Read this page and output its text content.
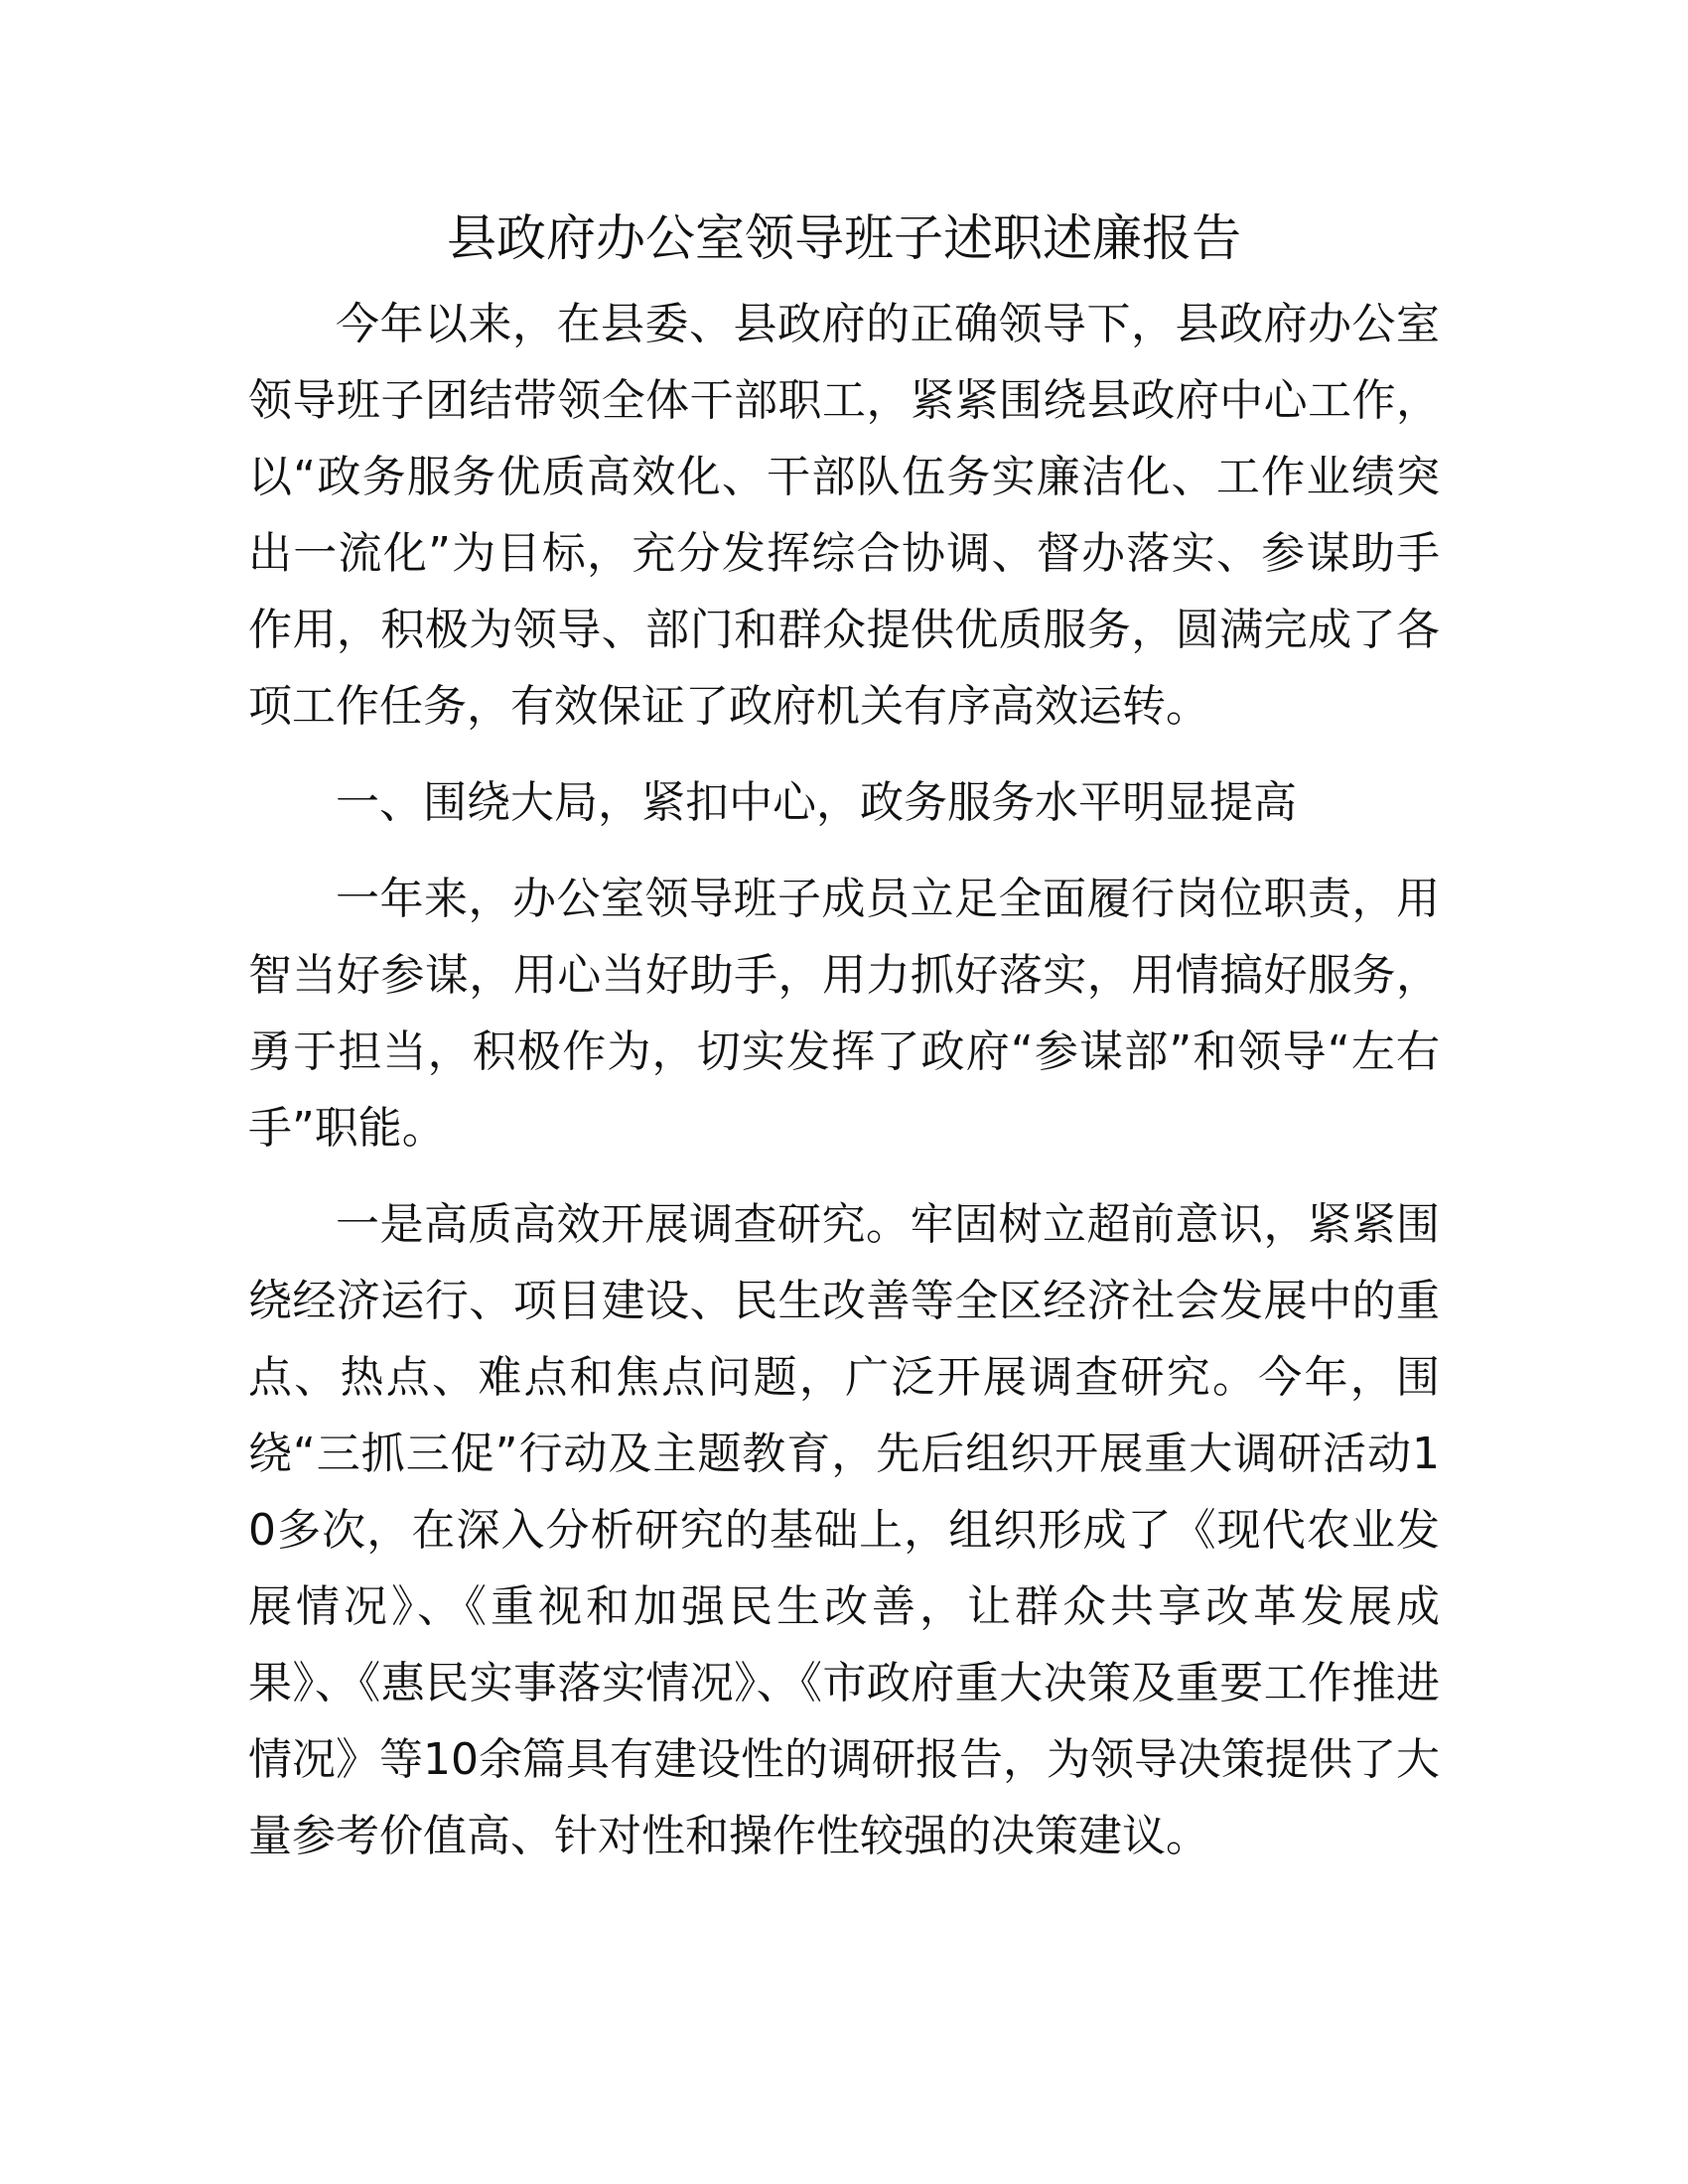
县政府办公室领导班子述职述廉报告

今年以来，在县委、县政府的正确领导下，县政府办公室领导班子团结带领全体干部职工，紧紧围绕县政府中心工作，以“政务服务优质高效化、干部队伍务实廉洁化、工作业绩突出一流化”为目标，充分发挥综合协调、督办落实、参谋助手作用，积极为领导、部门和群众提供优质服务，圆满完成了各项工作任务，有效保证了政府机关有序高效运转。

一、围绕大局，紧扣中心，政务服务水平明显提高

一年来，办公室领导班子成员立足全面履行岗位职责，用智当好参谋，用心当好助手，用力抓好落实，用情搞好服务，勇于担当，积极作为，切实发挥了政府“参谋部”和领导“左右手”职能。

一是高质高效开展调查研究。牢固树立超前意识，紧紧围绕经济运行、项目建设、民生改善等全区经济社会发展中的重点、热点、难点和焦点问题，广泛开展调查研究。今年，围绕“三抓三促”行动及主题教育，先后组织开展重大调研活动10多次，在深入分析研究的基础上，组织形成了《现代农业发展情况》、《重视和加强民生改善，让群众共享改革发展成果》、《惠民实事落实情况》、《市政府重大决策及重要工作推进情况》等10余篇具有建设性的调研报告，为领导决策提供了大量参考价值高、针对性和操作性较强的决策建议。
